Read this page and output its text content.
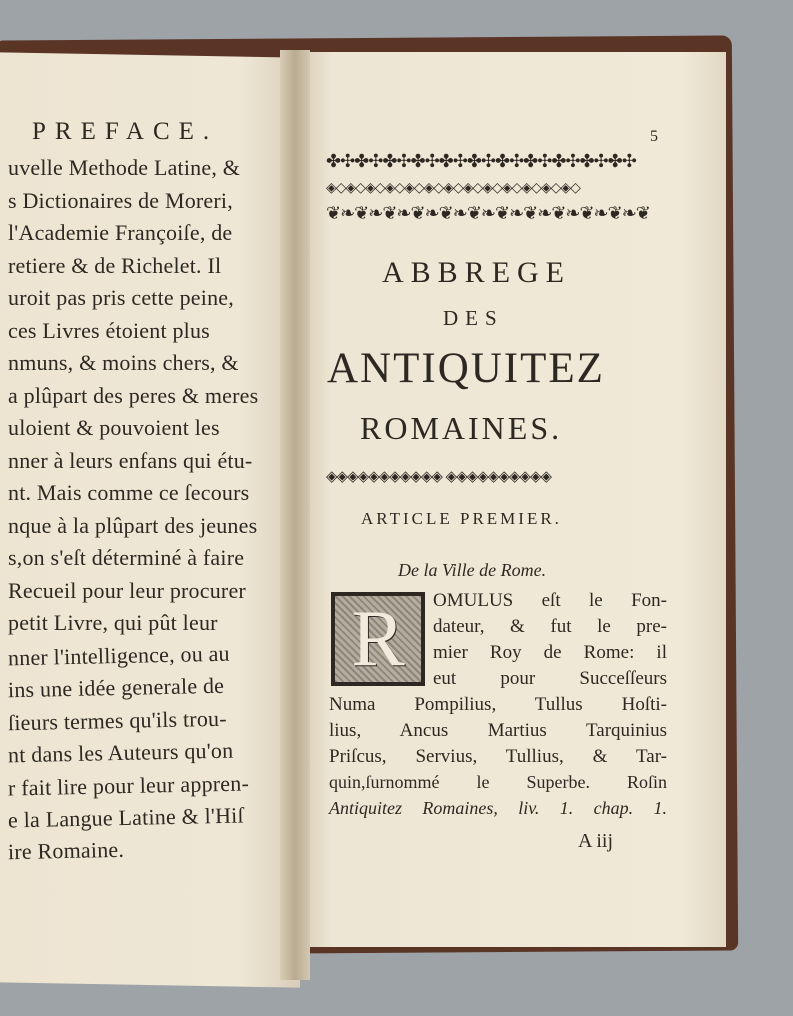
PREFACE.
uvelle Methode Latine, &
s Dictionaires de Moreri,
l'Academie Françoiſe, de
retiere & de Richelet. Il
uroit pas pris cette peine,
ces Livres étoient plus
nmuns, & moins chers, &
a plûpart des peres & meres
uloient & pouvoient les
nner à leurs enfans qui étu-
nt. Mais comme ce ſecours
nque à la plûpart des jeunes
s,on s'eſt déterminé à faire
Recueil pour leur procurer
petit Livre, qui pût leur
nner l'intelligence, ou au
ins une idée generale de
ſieurs termes qu'ils trou-
nt dans les Auteurs qu'on
r fait lire pour leur appren-
e la Langue Latine & l'Hiſ
ire Romaine.
5
✤✣✤✣✤✣✤✣✤✣✤✣✤✣✤✣✤✣✤✣✤✣
◈◇◈◇◈◇◈◇◈◇◈◇◈◇◈◇◈◇◈◇◈◇◈◇◈◇
❦❧❦❧❦❧❦❧❦❧❦❧❦❧❦❧❦❧❦❧❦❧❦
ABBREGE
DES
ANTIQUITEZ
ROMAINES.
◈◈◈◈◈◈◈◈◈◈◈ ◈◈◈◈◈◈◈◈◈◈
ARTICLE PREMIER.
De la Ville de Rome.
R	OMULUS eſt le Fon-
dateur, & fut le pre-
mier Roy de Rome: il
eut pour Succeſſeurs
Numa Pompilius, Tullus Hoſti-
lius, Ancus Martius Tarquinius
Priſcus, Servius, Tullius, & Tar-
quin,ſurnommé le Superbe. Roſin
Antiquitez Romaines, liv. 1. chap. 1.
A iij
